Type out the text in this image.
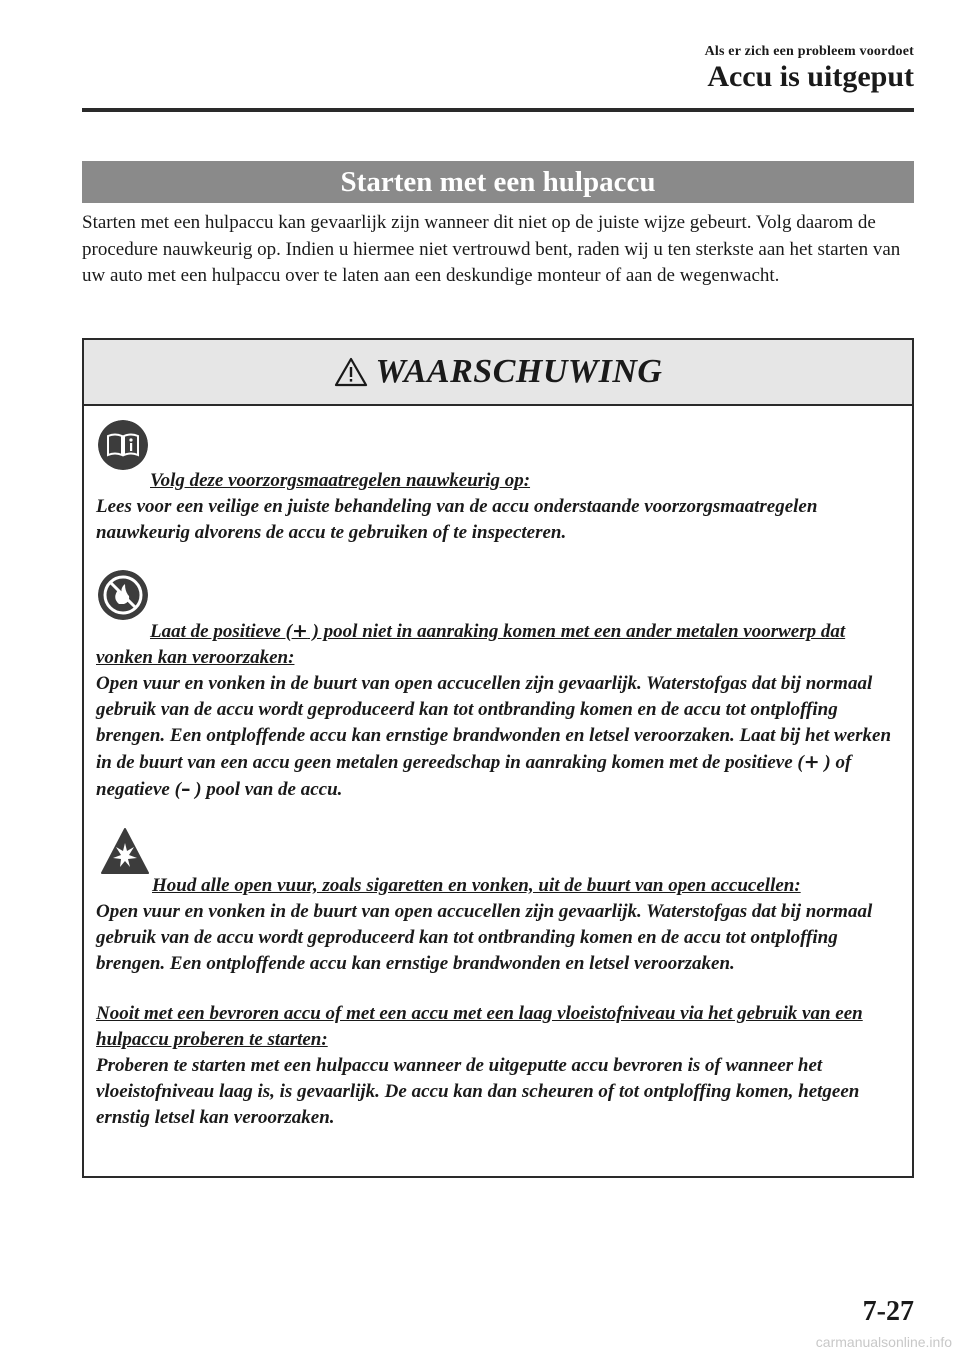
Als er zich een probleem voordoet
Accu is uitgeput
Starten met een hulpaccu

Starten met een hulpaccu kan gevaarlijk zijn wanneer dit niet op de juiste wijze gebeurt. Volg daarom de procedure nauwkeurig op. Indien u hiermee niet vertrouwd bent, raden wij u ten sterkste aan het starten van uw auto met een hulpaccu over te laten aan een deskundige monteur of aan de wegenwacht.

WAARSCHUWING

Volg deze voorzorgsmaatregelen nauwkeurig op:

Lees voor een veilige en juiste behandeling van de accu onderstaande voorzorgsmaatregelen nauwkeurig alvorens de accu te gebruiken of te inspecteren.

Laat de positieve (+ ) pool niet in aanraking komen met een ander metalen voorwerp dat vonken kan veroorzaken:

Open vuur en vonken in de buurt van open accucellen zijn gevaarlijk. Waterstofgas dat bij normaal gebruik van de accu wordt geproduceerd kan tot ontbranding komen en de accu tot ontploffing brengen. Een ontploffende accu kan ernstige brandwonden en letsel veroorzaken. Laat bij het werken in de buurt van een accu geen metalen gereedschap in aanraking komen met de positieve (+ ) of negatieve (– ) pool van de accu.

Houd alle open vuur, zoals sigaretten en vonken, uit de buurt van open accucellen:

Open vuur en vonken in de buurt van open accucellen zijn gevaarlijk. Waterstofgas dat bij normaal gebruik van de accu wordt geproduceerd kan tot ontbranding komen en de accu tot ontploffing brengen. Een ontploffende accu kan ernstige brandwonden en letsel veroorzaken.

Nooit met een bevroren accu of met een accu met een laag vloeistofniveau via het gebruik van een hulpaccu proberen te starten:

Proberen te starten met een hulpaccu wanneer de uitgeputte accu bevroren is of wanneer het vloeistofniveau laag is, is gevaarlijk. De accu kan dan scheuren of tot ontploffing komen, hetgeen ernstig letsel kan veroorzaken.

7-27
carmanualsonline.info
